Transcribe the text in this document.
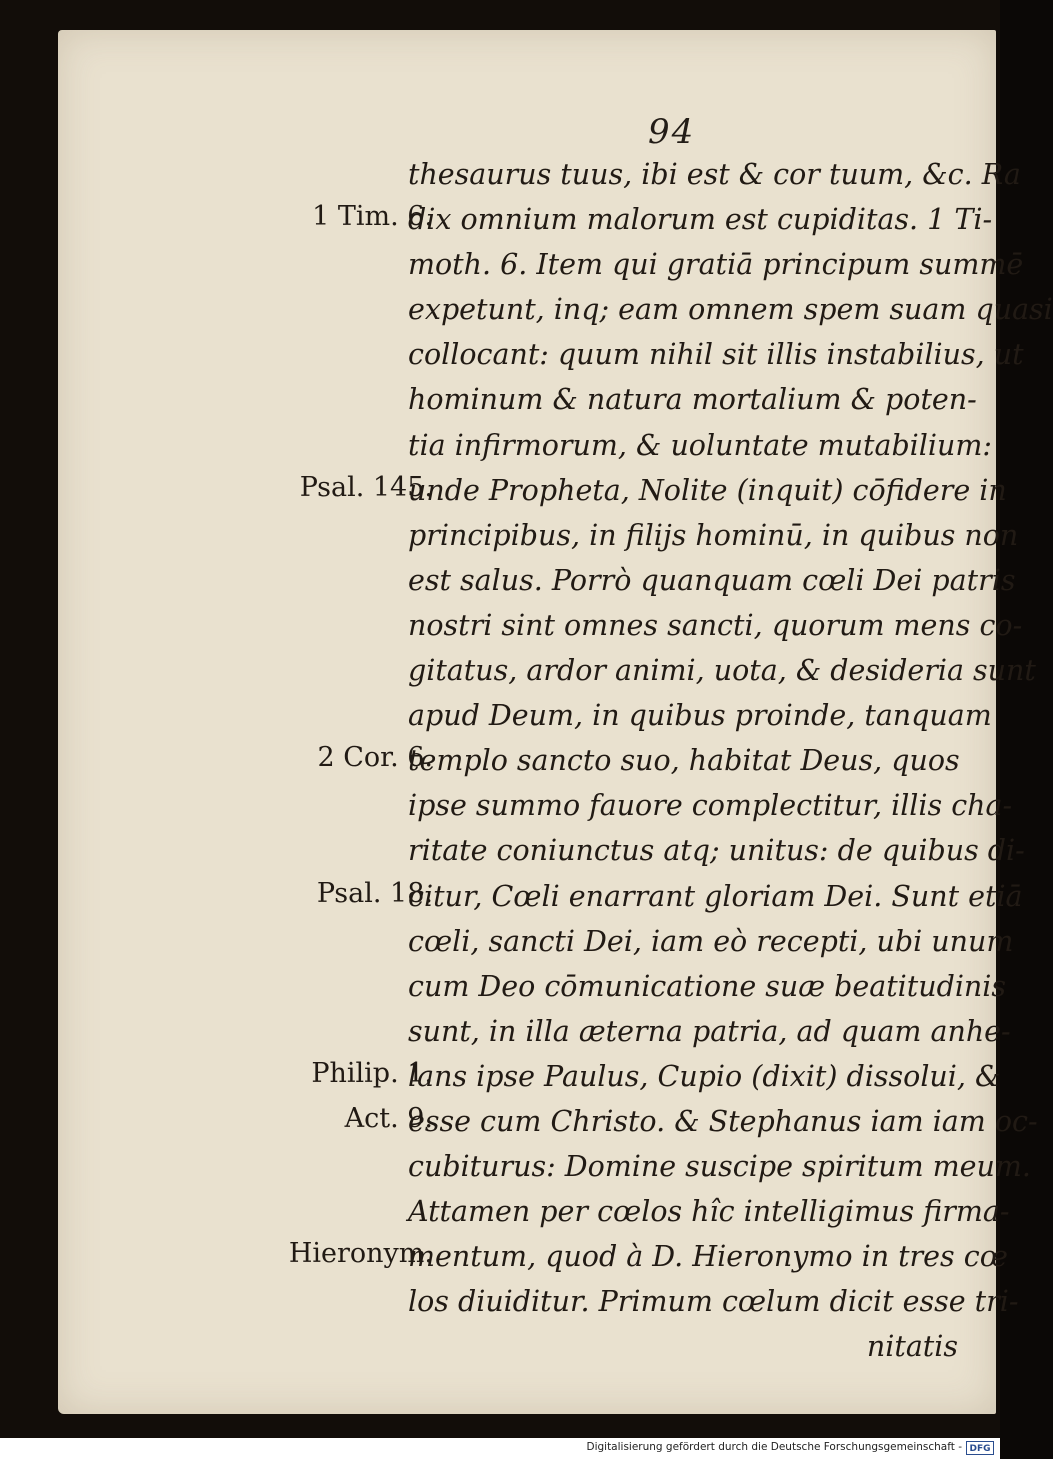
94
1 Tim. 6.
Psal. 145.
2 Cor. 6.
Psal. 18.
Philip. 1.
Act. 9.
Hieronym.
thesaurus tuus, ibi est & cor tuum, &c. Ra
dix omnium malorum est cupiditas. 1 Ti-
moth. 6. Item qui gratiā principum summē
expetunt, inq; eam omnem spem suam quasi
collocant: quum nihil sit illis instabilius, ut
hominum & natura mortalium & poten-
tia infirmorum, & uoluntate mutabilium:
unde Propheta, Nolite (inquit) cōfidere in
principibus, in filijs hominū, in quibus non
est salus. Porrò quanquam cœli Dei patris
nostri sint omnes sancti, quorum mens co-
gitatus, ardor animi, uota, & desideria sunt
apud Deum, in quibus proinde, tanquam
templo sancto suo, habitat Deus, quos
ipse summo fauore complectitur, illis cha-
ritate coniunctus atq; unitus: de quibus di-
citur, Cœli enarrant gloriam Dei. Sunt etiā
cœli, sancti Dei, iam eò recepti, ubi unum
cum Deo cōmunicatione suæ beatitudinis
sunt, in illa æterna patria, ad quam anhe-
lans ipse Paulus, Cupio (dixit) dissolui, &
esse cum Christo. & Stephanus iam iam oc-
cubiturus: Domine suscipe spiritum meum.
Attamen per cœlos hîc intelligimus firma-
mentum, quod à D. Hieronymo in tres cœ
los diuiditur. Primum cœlum dicit esse tri-
nitatis
Digitalisierung gefördert durch die Deutsche Forschungsgemeinschaft - DFG
